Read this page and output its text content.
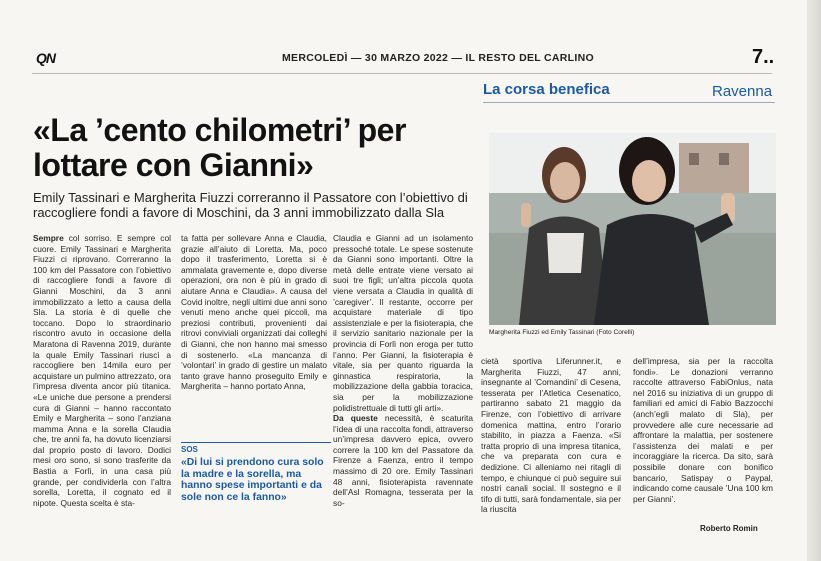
QN	MERCOLEDÌ — 30 MARZO 2022 — IL RESTO DEL CARLINO	7..
La corsa benefica	Ravenna
«La ’cento chilometri’ per lottare con Gianni»
Emily Tassinari e Margherita Fiuzzi correranno il Passatore con l’obiettivo di raccogliere fondi a favore di Moschini, da 3 anni immobilizzato dalla Sla
Margherita Fiuzzi ed Emily Tassinari (Foto Corelli)

Sempre col sorriso. E sempre col cuore. Emily Tassinari e Margherita Fiuzzi ci riprovano. Correranno la 100 km del Passatore con l’obiettivo di raccogliere fondi a favore di Gianni Moschini, da 3 anni immobilizzato a letto a causa della Sla. La storia è di quelle che toccano. Dopo lo straordinario riscontro avuto in occasione della Maratona di Ravenna 2019, durante la quale Emily Tassinari riuscì a raccogliere ben 14mila euro per acquistare un pulmino attrezzato, ora l’impresa diventa ancor più titanica. «Le uniche due persone a prendersi cura di Gianni – hanno raccontato Emily e Margherita – sono l’anziana mamma Anna e la sorella Claudia che, tre anni fa, ha dovuto licenziarsi dal proprio posto di lavoro. Dodici mesi oro sono, si sono trasferite da Bastia a Forlì, in una casa più grande, per condividerla con l’altra sorella, Loretta, il cognato ed il nipote. Questa scelta è sta-

ta fatta per sollevare Anna e Claudia, grazie all’aiuto di Loretta. Ma, poco dopo il trasferimento, Loretta si è ammalata gravemente e, dopo diverse operazioni, ora non è più in grado di aiutare Anna e Claudia». A causa del Covid inoltre, negli ultimi due anni sono venuti meno anche quei piccoli, ma preziosi contributi, provenienti dai ritrovi conviviali organizzati dai colleghi di Gianni, che non hanno mai smesso di sostenerlo. «La mancanza di ’volontari’ in grado di gestire un malato tanto grave hanno proseguito Emily e Margherita – hanno portato Anna,

SOS
«Di lui si prendono cura solo la madre e la sorella, ma hanno spese importanti e da sole non ce la fanno»

Claudia e Gianni ad un isolamento pressoché totale. Le spese sostenute da Gianni sono importanti. Oltre la metà delle entrate viene versato ai suoi tre figli; un’altra piccola quota viene versata a Claudia in qualità di ’caregiver’. Il restante, occorre per acquistare materiale di tipo assistenziale e per la fisioterapia, che il servizio sanitario nazionale per la provincia di Forlì non eroga per tutto l’anno. Per Gianni, la fisioterapia è vitale, sia per quanto riguarda la ginnastica respiratoria, la mobilizzazione della gabbia toracica, sia per la mobilizzazione polidistrettuale di tutti gli arti».

Da queste necessità, è scaturita l’idea di una raccolta fondi, attraverso un’impresa davvero epica, ovvero correre la 100 km del Passatore da Firenze a Faenza, entro il tempo massimo di 20 ore. Emily Tassinari 48 anni, fisioterapista ravennate dell’Asl Romagna, tesserata per la so-

cietà sportiva Liferunner.it, e Margherita Fiuzzi, 47 anni, insegnante al ’Comandini’ di Cesena, tesserata per l’Atletica Cesenatico, partiranno sabato 21 maggio da Firenze, con l’obiettivo di arrivare domenica mattina, entro l’orario stabilito, in piazza a Faenza. «Si tratta proprio di una impresa titanica, che va preparata con cura e dedizione. Ci alleniamo nei ritagli di tempo, e chiunque ci può seguire sui nostri canali social. Il sostegno e il tifo di tutti, sarà fondamentale, sia per la riuscita

dell’impresa, sia per la raccolta fondi». Le donazioni verranno raccolte attraverso FabiOnlus, nata nel 2016 su iniziativa di un gruppo di familiari ed amici di Fabio Bazzocchi (anch’egli malato di Sla), per provvedere alle cure necessarie ad affrontare la malattia, per sostenere l’assistenza dei malati e per incoraggiare la ricerca. Da sito, sarà possibile donare con bonifico bancario, Satispay o Paypal, indicando come causale ’Una 100 km per Gianni’.

Roberto Romin
